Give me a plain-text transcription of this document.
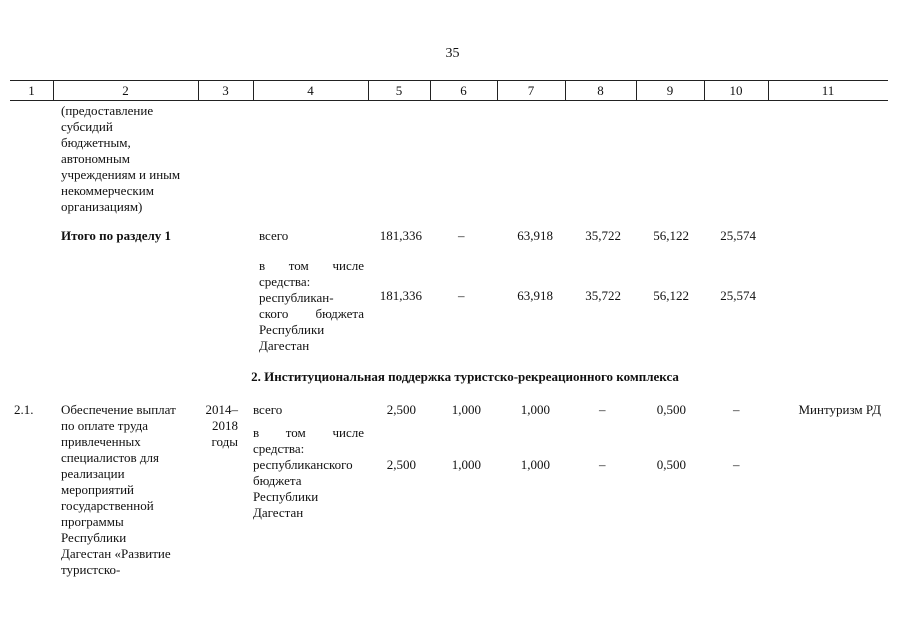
35
1	2	3	4	5	6	7	8	9	10	11
(предоставление
субсидий
бюджетным,
автономным
учреждениям и иным
некоммерческим
организациям)
Итого по разделу 1	всего	181,336	–	63,918	35,722	56,122	25,574
в том числе
средства:
республикан-
ского бюджета
Республики
Дагестан
181,336	–	63,918	35,722	56,122	25,574
2. Институциональная поддержка туристско-рекреационного комплекса
2.1. Обеспечение выплат
по оплате труда
привлеченных
специалистов для
реализации
мероприятий
государственной
программы
Республики
Дагестан «Развитие
туристско-
2014–
2018
годы
всего	2,500	1,000	1,000	–	0,500	–	Минтуризм РД
в том числе
средства:
республиканского
бюджета
Республики
Дагестан
2,500	1,000	1,000	–	0,500	–
